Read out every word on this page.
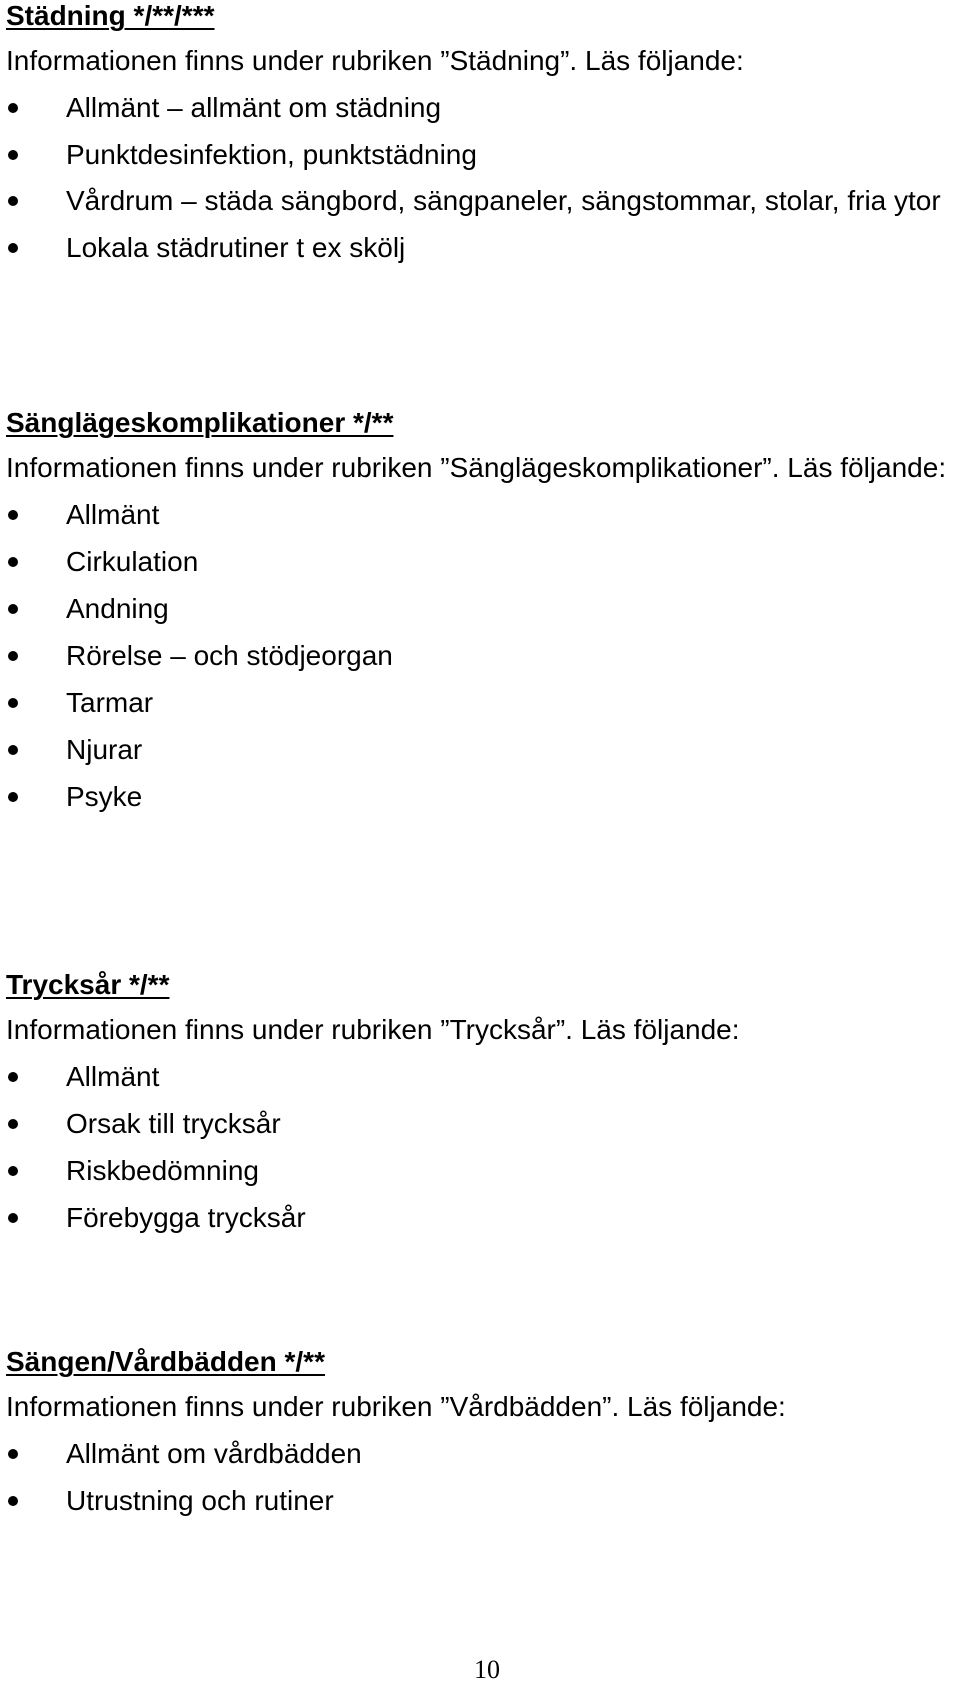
Städning */**/***

Informationen finns under rubriken ”Städning”. Läs följande:

Allmänt – allmänt om städning
Punktdesinfektion, punktstädning
Vårdrum – städa sängbord, sängpaneler, sängstommar, stolar, fria ytor
Lokala städrutiner t ex skölj
Sänglägeskomplikationer */**

Informationen finns under rubriken ”Sänglägeskomplikationer”. Läs följande:

Allmänt
Cirkulation
Andning
Rörelse – och stödjeorgan
Tarmar
Njurar
Psyke
Trycksår */**

Informationen finns under rubriken ”Trycksår”. Läs följande:

Allmänt
Orsak till trycksår
Riskbedömning
Förebygga trycksår
Sängen/Vårdbädden */**

Informationen finns under rubriken ”Vårdbädden”. Läs följande:

Allmänt om vårdbädden
Utrustning och rutiner
10
